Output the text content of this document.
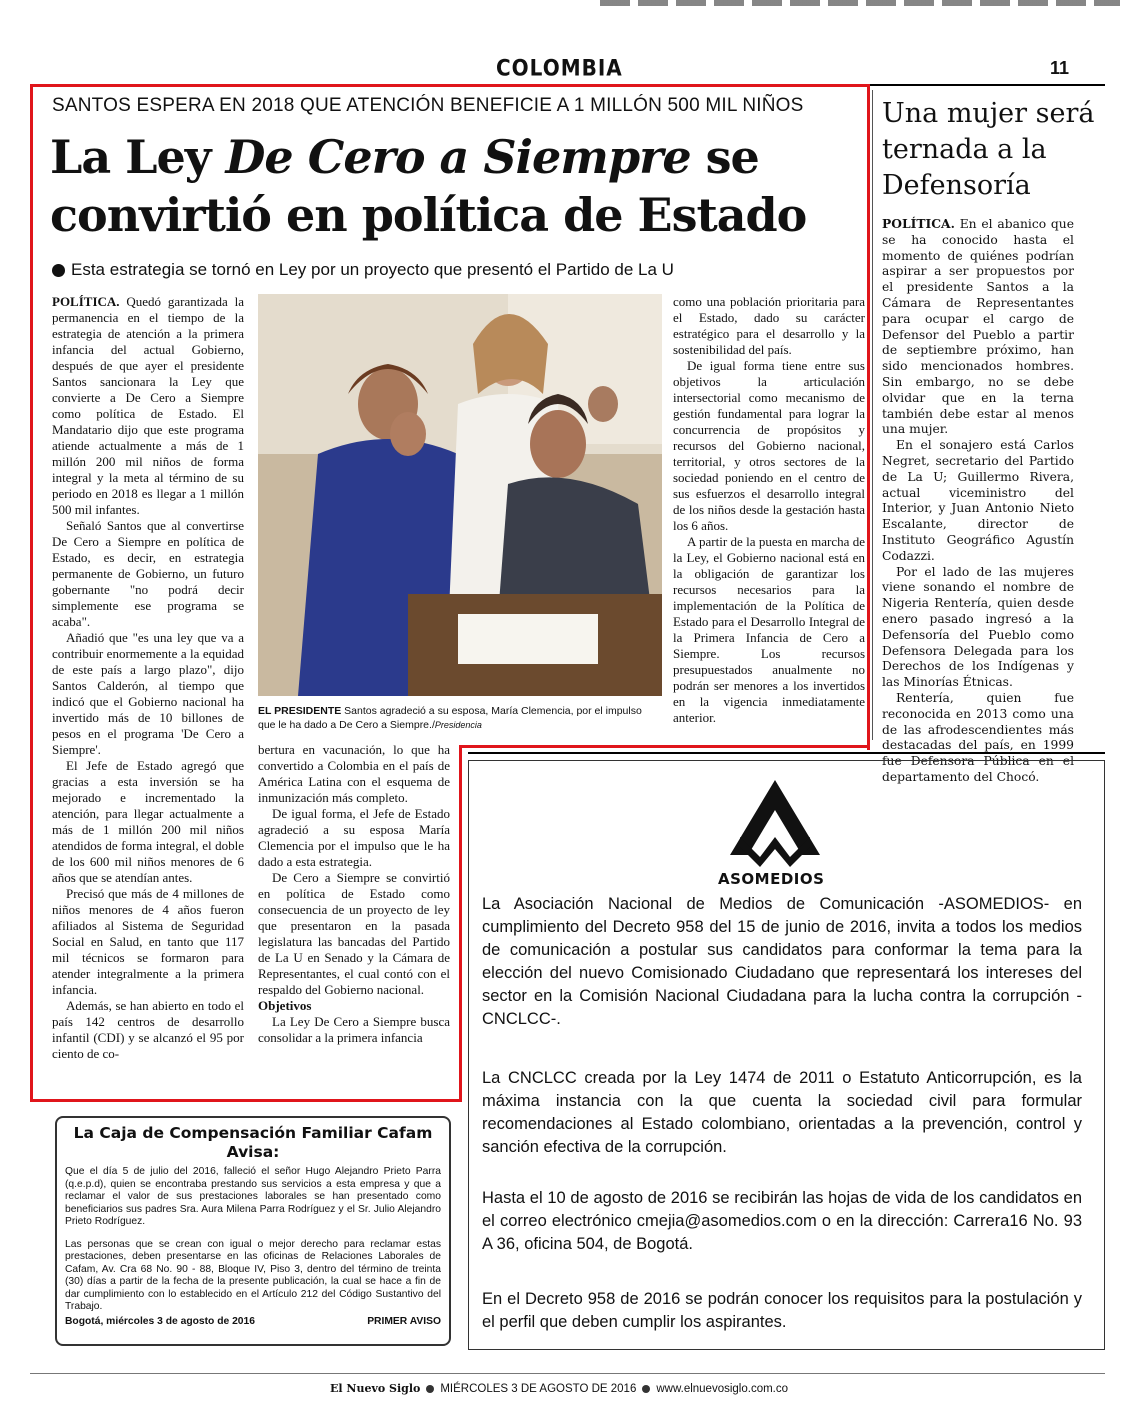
COLOMBIA	11
SANTOS ESPERA EN 2018 QUE ATENCIÓN BENEFICIE A 1 MILLÓN 500 MIL NIÑOS
La Ley De Cero a Siempre se convirtió en política de Estado
Esta estrategia se tornó en Ley por un proyecto que presentó el Partido de La U

POLÍTICA. Quedó garantizada la permanencia en el tiempo de la estrategia de atención a la primera infancia del actual Gobierno, después de que ayer el presidente Santos sancionara la Ley que convierte a De Cero a Siempre como política de Estado. El Mandatario dijo que este programa atiende actualmente a más de 1 millón 200 mil niños de forma integral y la meta al término de su periodo en 2018 es llegar a 1 millón 500 mil infantes.

Señaló Santos que al convertirse De Cero a Siempre en política de Estado, es decir, en estrategia permanente de Gobierno, un futuro gobernante "no podrá decir simplemente ese programa se acaba".

Añadió que "es una ley que va a contribuir enormemente a la equidad de este país a largo plazo", dijo Santos Calderón, al tiempo que indicó que el Gobierno nacional ha invertido más de 10 billones de pesos en el programa 'De Cero a Siempre'.

El Jefe de Estado agregó que gracias a esta inversión se ha mejorado e incrementado la atención, para llegar actualmente a más de 1 millón 200 mil niños atendidos de forma integral, el doble de los 600 mil niños menores de 6 años que se atendían antes.

Precisó que más de 4 millones de niños menores de 4 años fueron afiliados al Sistema de Seguridad Social en Salud, en tanto que 117 mil técnicos se formaron para atender integralmente a la primera infancia.

Además, se han abierto en todo el país 142 centros de desarrollo infantil (CDI) y se alcanzó el 95 por ciento de co-

EL PRESIDENTE Santos agradeció a su esposa, María Clemencia, por el impulso que le ha dado a De Cero a Siempre./Presidencia

bertura en vacunación, lo que ha convertido a Colombia en el país de América Latina con el esquema de inmunización más completo.

De igual forma, el Jefe de Estado agradeció a su esposa María Clemencia por el impulso que le ha dado a esta estrategia.

De Cero a Siempre se convirtió en política de Estado como consecuencia de un proyecto de ley que presentaron en la pasada legislatura las bancadas del Partido de La U en Senado y la Cámara de Representantes, el cual contó con el respaldo del Gobierno nacional.

Objetivos

La Ley De Cero a Siempre busca consolidar a la primera infancia

como una población prioritaria para el Estado, dado su carácter estratégico para el desarrollo y la sostenibilidad del país.

De igual forma tiene entre sus objetivos la articulación intersectorial como mecanismo de gestión fundamental para lograr la concurrencia de propósitos y recursos del Gobierno nacional, territorial, y otros sectores de la sociedad poniendo en el centro de sus esfuerzos el desarrollo integral de los niños desde la gestación hasta los 6 años.

A partir de la puesta en marcha de la Ley, el Gobierno nacional está en la obligación de garantizar los recursos necesarios para la implementación de la Política de Estado para el Desarrollo Integral de la Primera Infancia de Cero a Siempre. Los recursos presupuestados anualmente no podrán ser menores a los invertidos en la vigencia inmediatamente anterior.

Una mujer será ternada a la Defensoría

POLÍTICA. En el abanico que se ha conocido hasta el momento de quiénes podrían aspirar a ser propuestos por el presidente Santos a la Cámara de Representantes para ocupar el cargo de Defensor del Pueblo a partir de septiembre próximo, han sido mencionados hombres. Sin embargo, no se debe olvidar que en la terna también debe estar al menos una mujer.

En el sonajero está Carlos Negret, secretario del Partido de La U; Guillermo Rivera, actual viceministro del Interior, y Juan Antonio Nieto Escalante, director de Instituto Geográfico Agustín Codazzi.

Por el lado de las mujeres viene sonando el nombre de Nigeria Rentería, quien desde enero pasado ingresó a la Defensoría del Pueblo como Defensora Delegada para los Derechos de los Indígenas y las Minorías Étnicas.

Rentería, quien fue reconocida en 2013 como una de las afrodescendientes más destacadas del país, en 1999 fue Defensora Pública en el departamento del Chocó.

ASOMEDIOS
La Asociación Nacional de Medios de Comunicación -ASOMEDIOS- en cumplimiento del Decreto 958 del 15 de junio de 2016, invita a todos los medios de comunicación a postular sus candidatos para conformar la tema para la elección del nuevo Comisionado Ciudadano que representará los intereses del sector en la Comisión Nacional Ciudadana para la lucha contra la corrupción -CNCLCC-.
La CNCLCC creada por la Ley 1474 de 2011 o Estatuto Anticorrupción, es la máxima instancia con la que cuenta la sociedad civil para formular recomendaciones al Estado colombiano, orientadas a la prevención, control y sanción efectiva de la corrupción.
Hasta el 10 de agosto de 2016 se recibirán las hojas de vida de los candidatos en el correo electrónico cmejia@asomedios.com o en la dirección: Carrera16 No. 93 A 36, oficina 504, de Bogotá.
En el Decreto 958 de 2016 se podrán conocer los requisitos para la postulación y el perfil que deben cumplir los aspirantes.
La Caja de Compensación Familiar Cafam
Avisa:
Que el día 5 de julio del 2016, falleció el señor Hugo Alejandro Prieto Parra (q.e.p.d), quien se encontraba prestando sus servicios a esta empresa y que a reclamar el valor de sus prestaciones laborales se han presentado como beneficiarios sus padres Sra. Aura Milena Parra Rodríguez y el Sr. Julio Alejandro Prieto Rodríguez.
Las personas que se crean con igual o mejor derecho para reclamar estas prestaciones, deben presentarse en las oficinas de Relaciones Laborales de Cafam, Av. Cra 68 No. 90 - 88, Bloque IV, Piso 3, dentro del término de treinta (30) días a partir de la fecha de la presente publicación, la cual se hace a fin de dar cumplimiento con lo establecido en el Artículo 212 del Código Sustantivo del Trabajo.
Bogotá, miércoles 3 de agosto de 2016	PRIMER AVISO
El Nuevo Siglo MIÉRCOLES 3 DE AGOSTO DE 2016 www.elnuevosiglo.com.co
